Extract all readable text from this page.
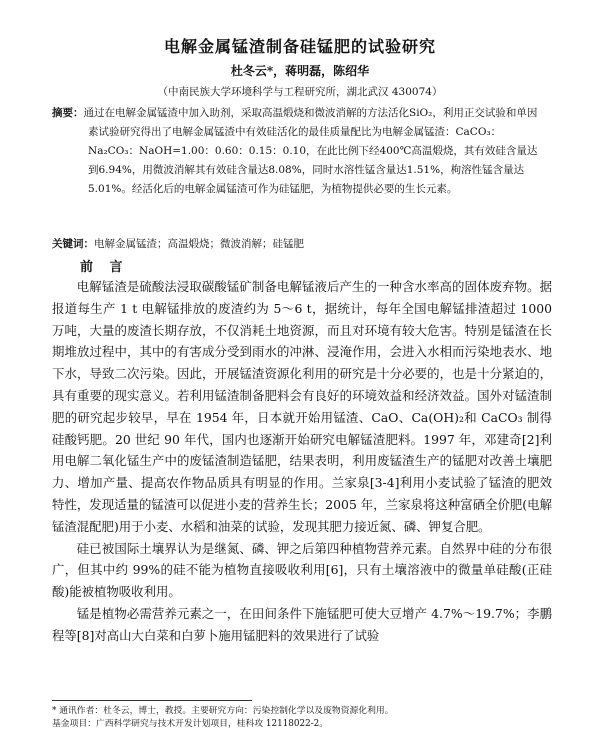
电解金属锰渣制备硅锰肥的试验研究
杜冬云*，蒋明磊，陈绍华
（中南民族大学环境科学与工程研究所，湖北武汉 430074）
摘要：通过在电解金属锰渣中加入助剂，采取高温煅烧和微波消解的方法活化SiO₂，利用正交试验和单因素试验研究得出了电解金属锰渣中有效硅活化的最佳质量配比为电解金属锰渣：CaCO₃：Na₂CO₃：NaOH=1.00：0.60：0.15：0.10，在此比例下经400℃高温煅烧，其有效硅含量达到6.94%，用微波消解其有效硅含量达8.08%，同时水溶性锰含量达1.51%，枸溶性锰含量达5.01%。经活化后的电解金属锰渣可作为硅锰肥，为植物提供必要的生长元素。
关键词：电解金属锰渣；高温煅烧；微波消解；硅锰肥
前 言

电解锰渣是硫酸法浸取碳酸锰矿制备电解锰液后产生的一种含水率高的固体废弃物。据报道每生产 1 t 电解锰排放的废渣约为 5～6 t，据统计，每年全国电解锰排渣超过 1000 万吨，大量的废渣长期存放，不仅消耗土地资源，而且对环境有较大危害。特别是锰渣在长期堆放过程中，其中的有害成分受到雨水的冲淋、浸淹作用，会进入水相而污染地表水、地下水，导致二次污染。因此，开展锰渣资源化利用的研究是十分必要的，也是十分紧迫的，具有重要的现实意义。若利用锰渣制备肥料会有良好的环境效益和经济效益。国外对锰渣制肥的研究起步较早，早在 1954 年，日本就开始用锰渣、CaO、Ca(OH)₂和 CaCO₃ 制得硅酸钙肥。20 世纪 90 年代，国内也逐渐开始研究电解锰渣肥料。1997 年，邓建奇[2]利用电解二氧化锰生产中的废锰渣制造锰肥，结果表明，利用废锰渣生产的锰肥对改善土壤肥力、增加产量、提高农作物品质具有明显的作用。兰家泉[3-4]利用小麦试验了锰渣的肥效特性，发现适量的锰渣可以促进小麦的营养生长；2005 年，兰家泉将这种富硒全价肥(电解锰渣混配肥)用于小麦、水稻和油菜的试验，发现其肥力接近氮、磷、钾复合肥。

硅已被国际土壤界认为是继氮、磷、钾之后第四种植物营养元素。自然界中硅的分布很广，但其中约 99%的硅不能为植物直接吸收利用[6]，只有土壤溶液中的微量单硅酸(正硅酸)能被植物吸收利用。

锰是植物必需营养元素之一，在田间条件下施锰肥可使大豆增产 4.7%～19.7%；李鹏程等[8]对高山大白菜和白萝卜施用锰肥料的效果进行了试验

* 通讯作者：杜冬云，博士，教授。主要研究方向：污染控制化学以及废物资源化利用。
基金项目：广西科学研究与技术开发计划项目，桂科攻 12118022-2。
